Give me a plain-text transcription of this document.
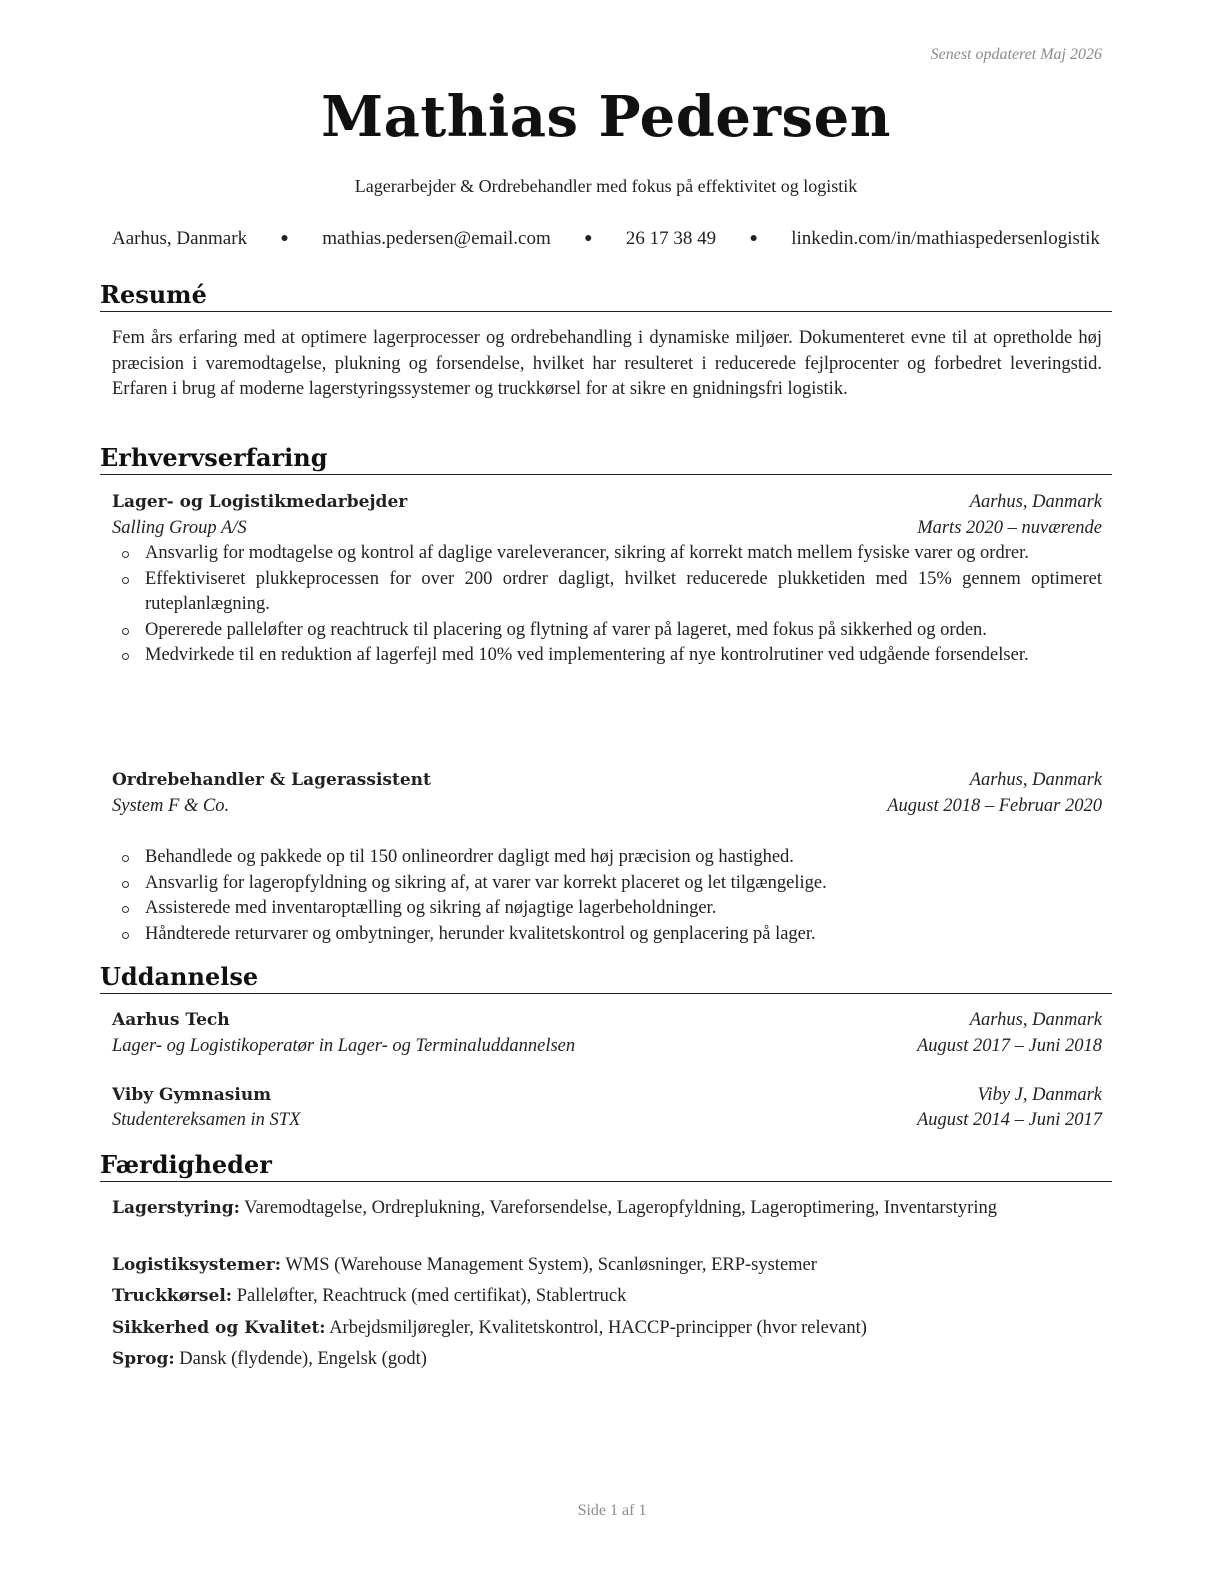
Senest opdateret Maj 2026
Mathias Pedersen
Lagerarbejder & Ordrebehandler med fokus på effektivitet og logistik
Aarhus, Danmark ● mathias.pedersen@email.com ● 26 17 38 49 ● linkedin.com/in/mathiaspedersenlogistik
Resumé
Fem års erfaring med at optimere lagerprocesser og ordrebehandling i dynamiske miljøer. Dokumenteret evne til at opretholde høj præcision i varemodtagelse, plukning og forsendelse, hvilket har resulteret i reducerede fejlprocenter og forbedret leveringstid. Erfaren i brug af moderne lagerstyringssystemer og truckkørsel for at sikre en gnidningsfri logistik.
Erhvervserfaring
Lager- og Logistikmedarbejder	Aarhus, Danmark
Salling Group A/S	Marts 2020 – nuværende
Ansvarlig for modtagelse og kontrol af daglige vareleverancer, sikring af korrekt match mellem fysiske varer og ordrer.
Effektiviseret plukkeprocessen for over 200 ordrer dagligt, hvilket reducerede plukketiden med 15% gennem optimeret ruteplanlægning.
Opererede palleløfter og reachtruck til placering og flytning af varer på lageret, med fokus på sikkerhed og orden.
Medvirkede til en reduktion af lagerfejl med 10% ved implementering af nye kontrolrutiner ved udgående forsendelser.
Ordrebehandler & Lagerassistent	Aarhus, Danmark
System F & Co.	August 2018 – Februar 2020
Behandlede og pakkede op til 150 onlineordrer dagligt med høj præcision og hastighed.
Ansvarlig for lageropfyldning og sikring af, at varer var korrekt placeret og let tilgængelige.
Assisterede med inventaroptælling og sikring af nøjagtige lagerbeholdninger.
Håndterede returvarer og ombytninger, herunder kvalitetskontrol og genplacering på lager.
Uddannelse
Aarhus Tech	Aarhus, Danmark
Lager- og Logistikoperatør in Lager- og Terminaluddannelsen	August 2017 – Juni 2018
Viby Gymnasium	Viby J, Danmark
Studentereksamen in STX	August 2014 – Juni 2017
Færdigheder
Lagerstyring: Varemodtagelse, Ordreplukning, Vareforsendelse, Lageropfyldning, Lageroptimering, Inventarstyring
Logistiksystemer: WMS (Warehouse Management System), Scanløsninger, ERP-systemer
Truckkørsel: Palleløfter, Reachtruck (med certifikat), Stablertruck
Sikkerhed og Kvalitet: Arbejdsmiljøregler, Kvalitetskontrol, HACCP-principper (hvor relevant)
Sprog: Dansk (flydende), Engelsk (godt)
Side 1 af 1
